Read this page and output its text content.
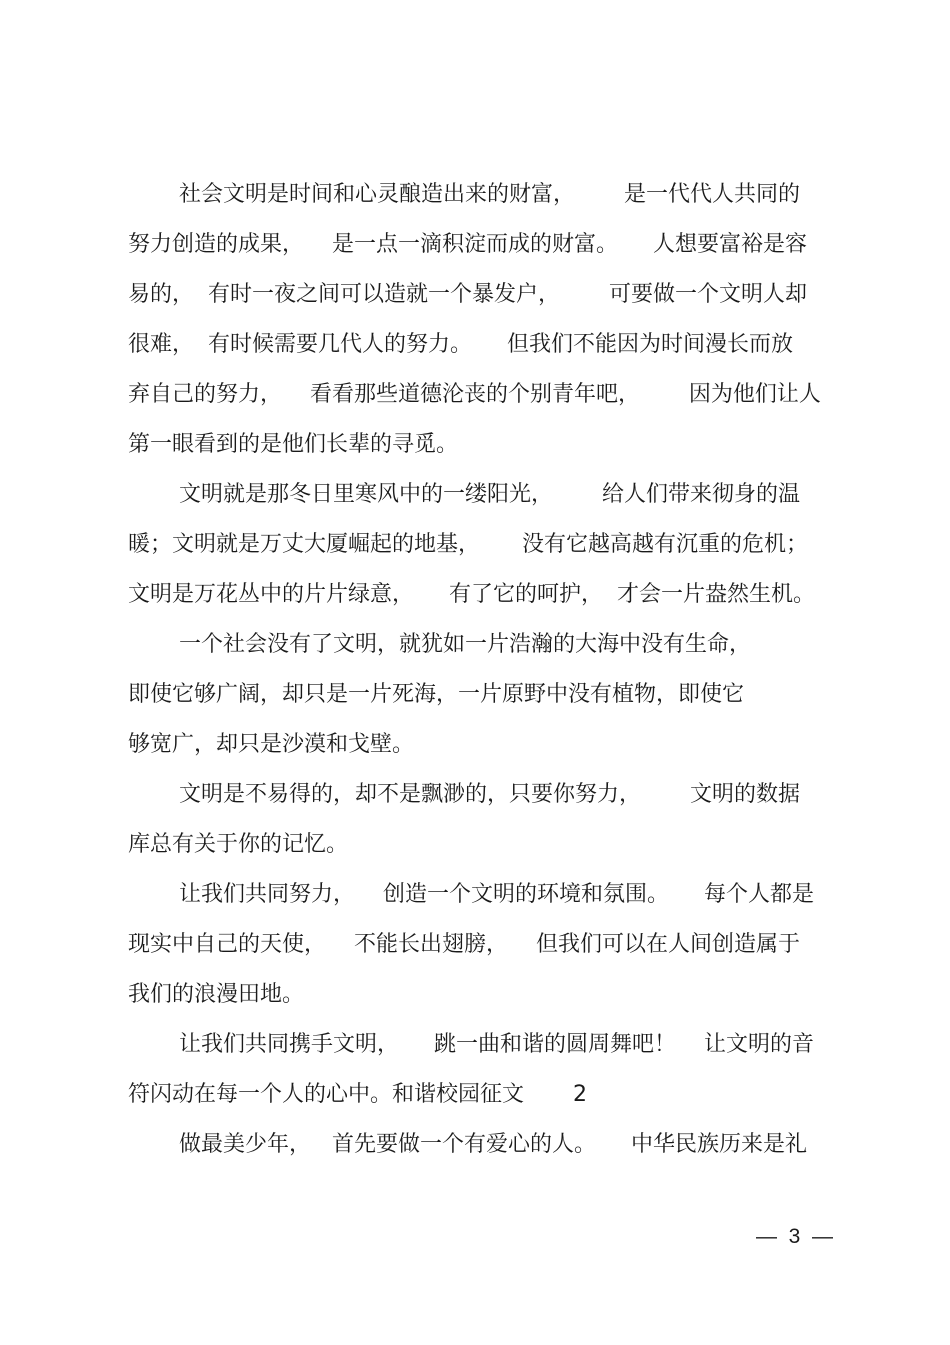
社会文明是时间和心灵酿造出来的财富，       是一代代人共同的
努力创造的成果，    是一点一滴积淀而成的财富。     人想要富裕是容
易的，  有时一夜之间可以造就一个暴发户，       可要做一个文明人却
很难，  有时候需要几代人的努力。     但我们不能因为时间漫长而放
弃自己的努力，    看看那些道德沦丧的个别青年吧，       因为他们让人
第一眼看到的是他们长辈的寻觅。
文明就是那冬日里寒风中的一缕阳光，       给人们带来彻身的温
暖；文明就是万丈大厦崛起的地基，      没有它越高越有沉重的危机；
文明是万花丛中的片片绿意，     有了它的呵护，  才会一片盎然生机。
一个社会没有了文明，就犹如一片浩瀚的大海中没有生命，
即使它够广阔，却只是一片死海，一片原野中没有植物，即使它
够宽广，却只是沙漠和戈壁。
文明是不易得的，却不是飘渺的，只要你努力，       文明的数据
库总有关于你的记忆。
让我们共同努力，    创造一个文明的环境和氛围。     每个人都是
现实中自己的天使，    不能长出翅膀，    但我们可以在人间创造属于
我们的浪漫田地。
让我们共同携手文明，     跳一曲和谐的圆周舞吧！    让文明的音
符闪动在每一个人的心中。和谐校园征文       2
做最美少年，   首先要做一个有爱心的人。     中华民族历来是礼
—  3  —
